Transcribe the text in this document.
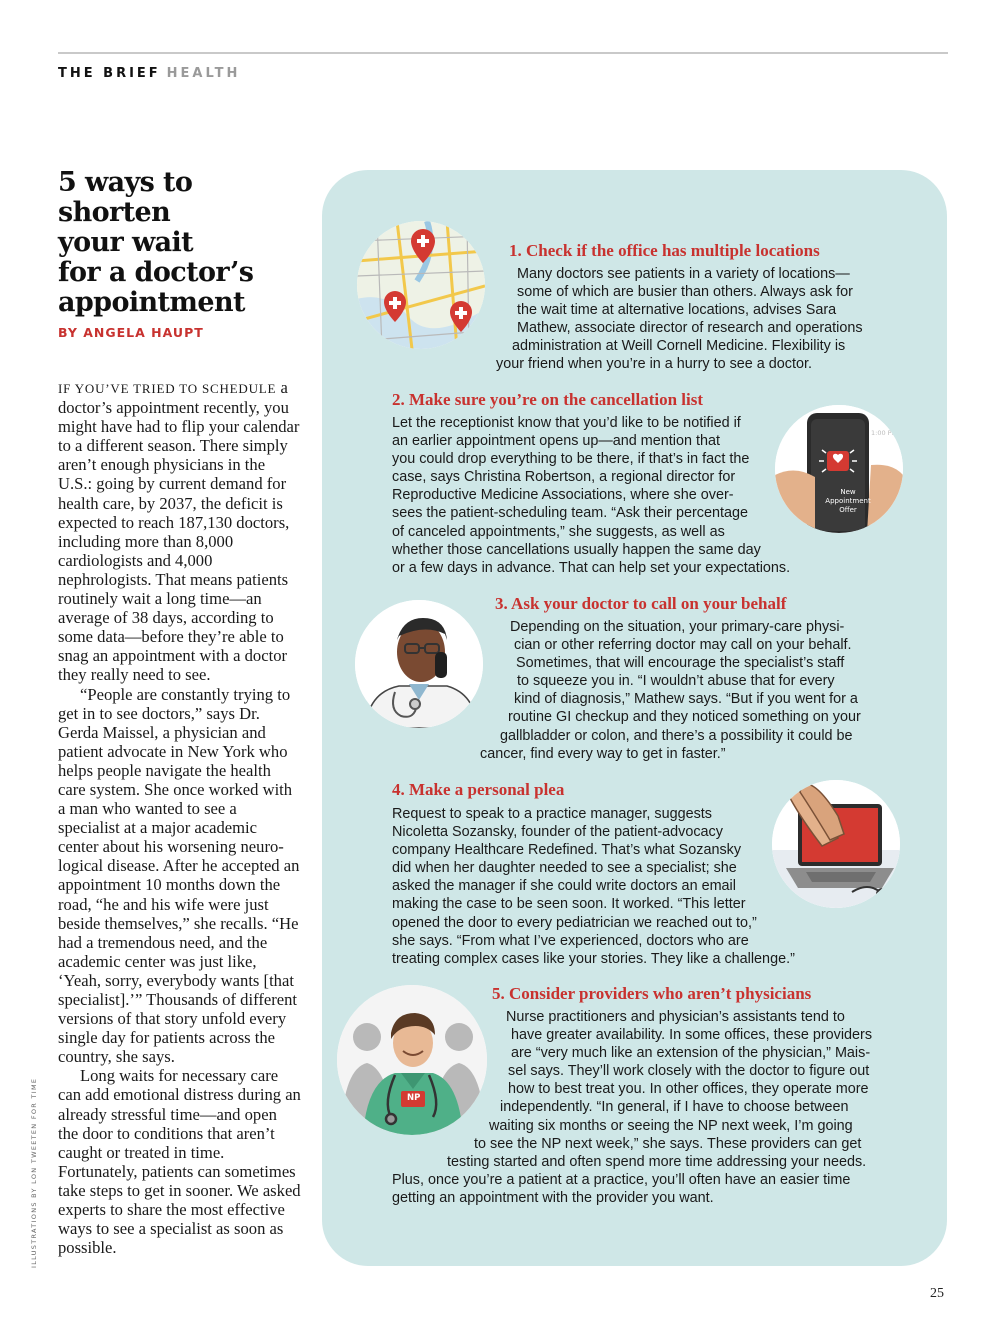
THE BRIEF HEALTH
5 ways to
shorten
your wait
for a doctor’s
appointment
BY ANGELA HAUPT

IF YOU’VE TRIED TO SCHEDULE a doctor’s appointment recently, you might have had to flip your calendar to a different season. There simply aren’t enough physicians in the U.S.: going by current demand for health care, by 2037, the deficit is expected to reach 187,130 doctors, including more than 8,000 cardiologists and 4,000 nephrologists. That means patients routinely wait a long time—an average of 38 days, according to some data—before they’re able to snag an appointment with a doctor they really need to see.

“People are constantly trying to get in to see doctors,” says Dr. Gerda Maissel, a physician and patient advocate in New York who helps people navigate the health care system. She once worked with a man who wanted to see a specialist at a major academic center about his worsening neurological disease. After he accepted an appointment 10 months down the road, “he and his wife were just beside themselves,” she recalls. “He had a tremendous need, and the academic center was just like, ‘Yeah, sorry, everybody wants [that specialist].’” Thousands of different versions of that story unfold every single day for patients across the country, she says.

Long waits for necessary care can add emotional distress during an already stressful time—and open the door to conditions that aren’t caught or treated in time. Fortunately, patients can sometimes take steps to get in sooner. We asked experts to share the most effective ways to see a specialist as soon as possible.

ILLUSTRATIONS BY LON TWEETEN FOR TIME
1:00 PM
New
Appointment
Offer
NP
1. Check if the office has multiple locations
Many doctors see patients in a variety of locations—
some of which are busier than others. Always ask for
the wait time at alternative locations, advises Sara
Mathew, associate director of research and operations
administration at Weill Cornell Medicine. Flexibility is
your friend when you’re in a hurry to see a doctor.
2. Make sure you’re on the cancellation list
Let the receptionist know that you’d like to be notified if
an earlier appointment opens up—and mention that
you could drop everything to be there, if that’s in fact the
case, says Christina Robertson, a regional director for
Reproductive Medicine Associations, where she over-
sees the patient-scheduling team. “Ask their percentage
of canceled appointments,” she suggests, as well as
whether those cancellations usually happen the same day
or a few days in advance. That can help set your expectations.
3. Ask your doctor to call on your behalf
Depending on the situation, your primary-care physi-
cian or other referring doctor may call on your behalf.
Sometimes, that will encourage the specialist’s staff
to squeeze you in. “I wouldn’t abuse that for every
kind of diagnosis,” Mathew says. “But if you went for a
routine GI checkup and they noticed something on your
gallbladder or colon, and there’s a possibility it could be
cancer, find every way to get in faster.”
4. Make a personal plea
Request to speak to a practice manager, suggests
Nicoletta Sozansky, founder of the patient-advocacy
company Healthcare Redefined. That’s what Sozansky
did when her daughter needed to see a specialist; she
asked the manager if she could write doctors an email
making the case to be seen soon. It worked. “This letter
opened the door to every pediatrician we reached out to,”
she says. “From what I’ve experienced, doctors who are
treating complex cases like your stories. They like a challenge.”
5. Consider providers who aren’t physicians
Nurse practitioners and physician’s assistants tend to
have greater availability. In some offices, these providers
are “very much like an extension of the physician,” Mais-
sel says. They’ll work closely with the doctor to figure out
how to best treat you. In other offices, they operate more
independently. “In general, if I have to choose between
waiting six months or seeing the NP next week, I’m going
to see the NP next week,” she says. These providers can get
testing started and often spend more time addressing your needs.
Plus, once you’re a patient at a practice, you’ll often have an easier time
getting an appointment with the provider you want.
25
